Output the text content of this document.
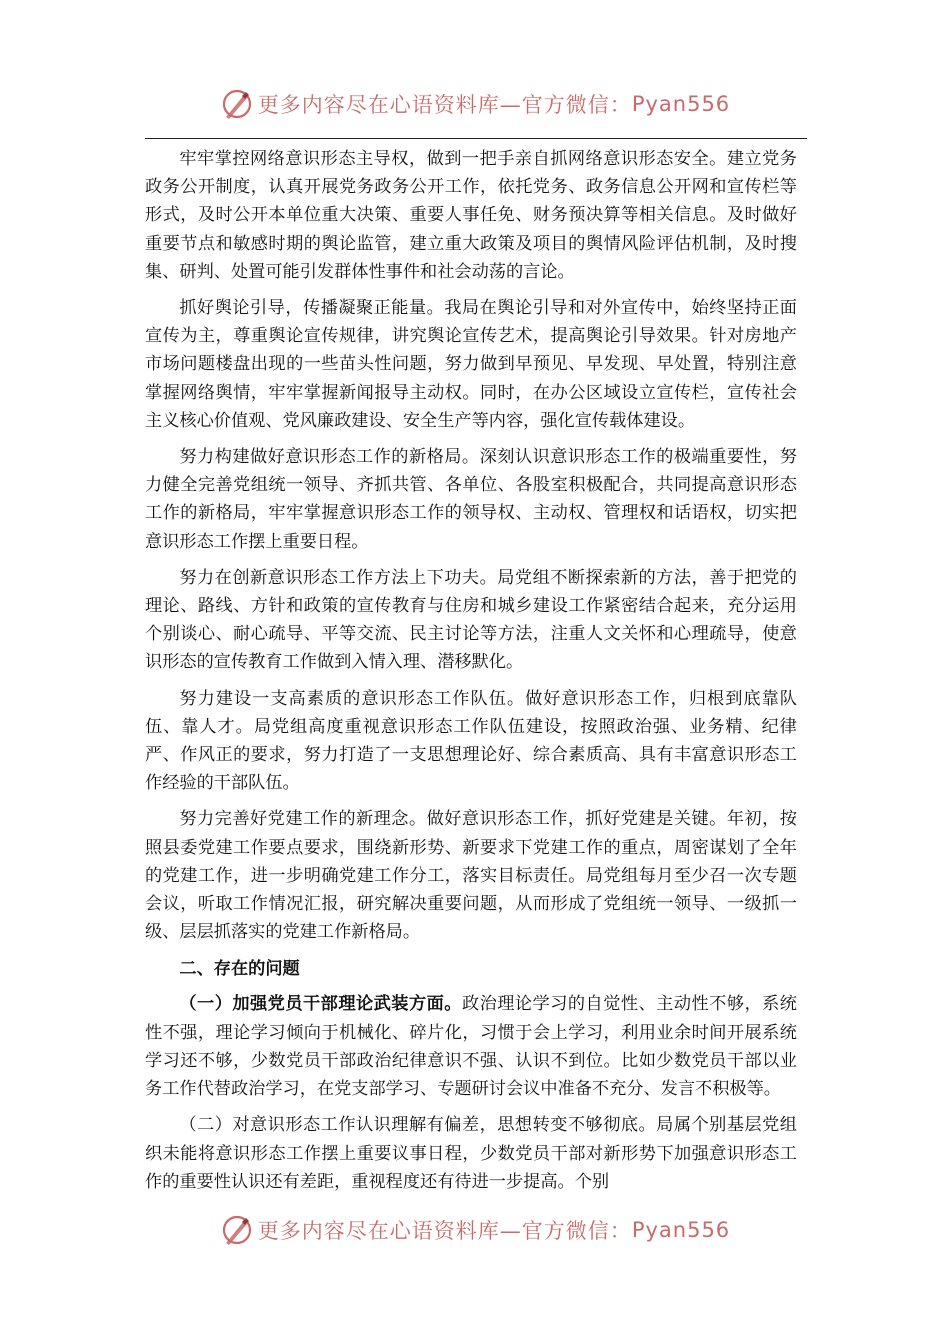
更多内容尽在心语资料库—官方微信： Pyan556

牢牢掌控网络意识形态主导权，做到一把手亲自抓网络意识形态安全。建立党务政务公开制度，认真开展党务政务公开工作，依托党务、政务信息公开网和宣传栏等形式，及时公开本单位重大决策、重要人事任免、财务预决算等相关信息。及时做好重要节点和敏感时期的舆论监管，建立重大政策及项目的舆情风险评估机制，及时搜集、研判、处置可能引发群体性事件和社会动荡的言论。

抓好舆论引导，传播凝聚正能量。我局在舆论引导和对外宣传中，始终坚持正面宣传为主，尊重舆论宣传规律，讲究舆论宣传艺术，提高舆论引导效果。针对房地产市场问题楼盘出现的一些苗头性问题，努力做到早预见、早发现、早处置，特别注意掌握网络舆情，牢牢掌握新闻报导主动权。同时，在办公区域设立宣传栏，宣传社会主义核心价值观、党风廉政建设、安全生产等内容，强化宣传载体建设。

努力构建做好意识形态工作的新格局。深刻认识意识形态工作的极端重要性，努力健全完善党组统一领导、齐抓共管、各单位、各股室积极配合，共同提高意识形态工作的新格局，牢牢掌握意识形态工作的领导权、主动权、管理权和话语权，切实把意识形态工作摆上重要日程。

努力在创新意识形态工作方法上下功夫。局党组不断探索新的方法，善于把党的理论、路线、方针和政策的宣传教育与住房和城乡建设工作紧密结合起来，充分运用个别谈心、耐心疏导、平等交流、民主讨论等方法，注重人文关怀和心理疏导，使意识形态的宣传教育工作做到入情入理、潜移默化。

努力建设一支高素质的意识形态工作队伍。做好意识形态工作，归根到底靠队伍、靠人才。局党组高度重视意识形态工作队伍建设，按照政治强、业务精、纪律严、作风正的要求，努力打造了一支思想理论好、综合素质高、具有丰富意识形态工作经验的干部队伍。

努力完善好党建工作的新理念。做好意识形态工作，抓好党建是关键。年初，按照县委党建工作要点要求，围绕新形势、新要求下党建工作的重点，周密谋划了全年的党建工作，进一步明确党建工作分工，落实目标责任。局党组每月至少召一次专题会议，听取工作情况汇报，研究解决重要问题，从而形成了党组统一领导、一级抓一级、层层抓落实的党建工作新格局。

二、存在的问题

（一）加强党员干部理论武装方面。政治理论学习的自觉性、主动性不够，系统性不强，理论学习倾向于机械化、碎片化，习惯于会上学习，利用业余时间开展系统学习还不够，少数党员干部政治纪律意识不强、认识不到位。比如少数党员干部以业务工作代替政治学习，在党支部学习、专题研讨会议中准备不充分、发言不积极等。

（二）对意识形态工作认识理解有偏差，思想转变不够彻底。局属个别基层党组织未能将意识形态工作摆上重要议事日程，少数党员干部对新形势下加强意识形态工作的重要性认识还有差距，重视程度还有待进一步提高。个别

更多内容尽在心语资料库—官方微信： Pyan556
